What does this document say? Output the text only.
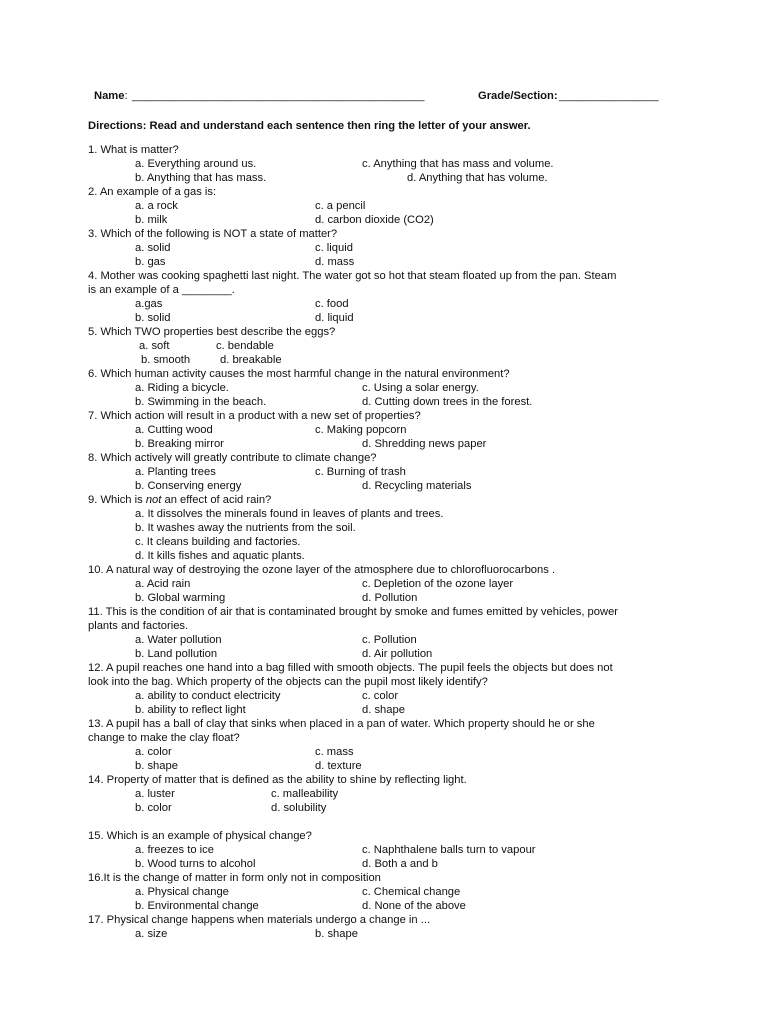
Name: _______________________________________________	Grade/Section: ________________
Directions: Read and understand each sentence then ring the letter of your answer.
1. What is matter?
a. Everything around us.	c. Anything that has mass and volume.
b. Anything that has mass.	d. Anything that has volume.
2. An example of a gas is:
a. a rock	c. a pencil
b. milk	d. carbon dioxide (CO2)
3. Which of the following is NOT a state of matter?
a. solid	c. liquid
b. gas	d. mass
4. Mother was cooking spaghetti last night. The water got so hot that steam floated up from the pan. Steam
is an example of a ________.
a.gas	c. food
b. solid	d. liquid
5. Which TWO properties best describe the eggs?
a. soft	c. bendable
b. smooth	d. breakable
6. Which human activity causes the most harmful change in the natural environment?
a. Riding a bicycle.	c. Using a solar energy.
b. Swimming in the beach.	d. Cutting down trees in the forest.
7. Which action will result in a product with a new set of properties?
a. Cutting wood	c. Making popcorn
b. Breaking mirror	d. Shredding news paper
8. Which actively will greatly contribute to climate change?
a. Planting trees	c. Burning of trash
b. Conserving energy	d. Recycling materials
9. Which is not an effect of acid rain?
a. It dissolves the minerals found in leaves of plants and trees.
b. It washes away the nutrients from the soil.
c. It cleans building and factories.
d. It kills fishes and aquatic plants.
10. A natural way of destroying the ozone layer of the atmosphere due to chlorofluorocarbons .
a. Acid rain	c. Depletion of the ozone layer
b. Global warming	d. Pollution
11. This is the condition of air that is contaminated brought by smoke and fumes emitted by vehicles, power
plants and factories.
a. Water pollution	c. Pollution
b. Land pollution	d. Air pollution
12. A pupil reaches one hand into a bag filled with smooth objects. The pupil feels the objects but does not
look into the bag. Which property of the objects can the pupil most likely identify?
a. ability to conduct electricity	c. color
b. ability to reflect light	d. shape
13. A pupil has a ball of clay that sinks when placed in a pan of water. Which property should he or she
change to make the clay float?
a. color	c. mass
b. shape	d. texture
14. Property of matter that is defined as the ability to shine by reflecting light.
a. luster	c. malleability
b. color	d. solubility
15. Which is an example of physical change?
a. freezes to ice	c. Naphthalene balls turn to vapour
b. Wood turns to alcohol	d. Both a and b
16.It is the change of matter in form only not in composition
a. Physical change	c. Chemical change
b. Environmental change	d. None of the above
17. Physical change happens when materials undergo a change in ...
a. size	b. shape
